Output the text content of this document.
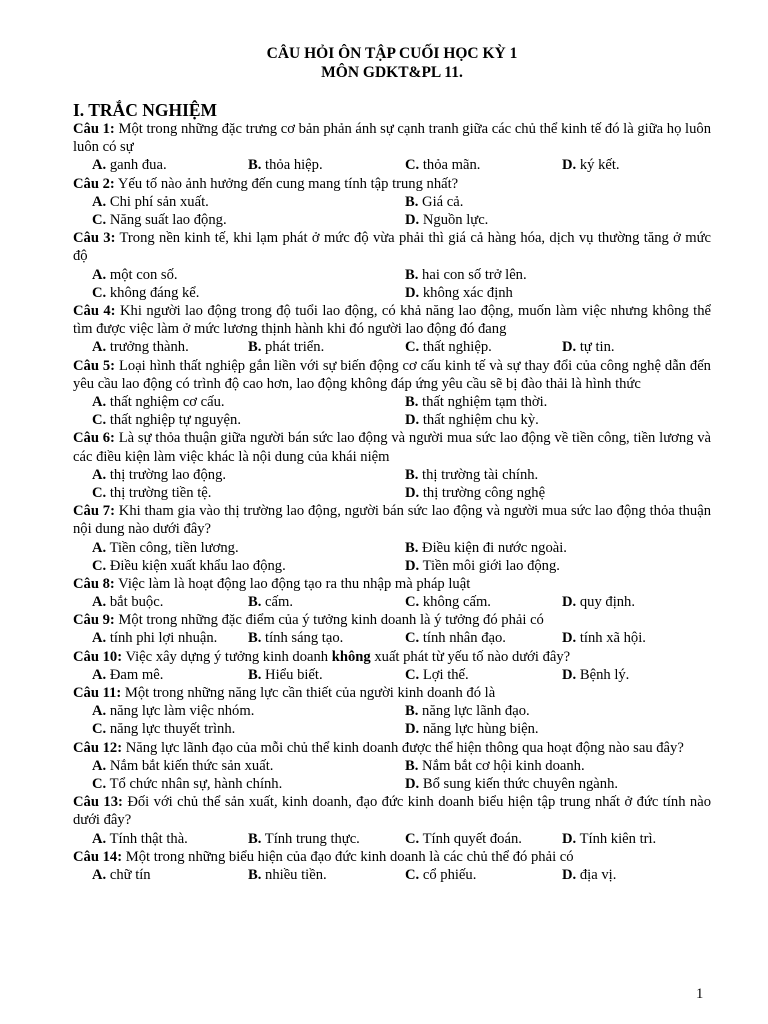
CÂU HỎI ÔN TẬP CUỐI HỌC KỲ 1
MÔN GDKT&PL 11.
I. TRẮC NGHIỆM
Câu 1: Một trong những đặc trưng cơ bản phản ánh sự cạnh tranh giữa các chủ thể kinh tế đó là giữa họ luôn luôn có sự
A. ganh đua.	B. thỏa hiệp.	C. thỏa mãn.	D. ký kết.
Câu 2: Yếu tố nào ảnh hưởng đến cung mang tính tập trung nhất?
A. Chi phí sản xuất.	B. Giá cả.
C. Năng suất lao động.	D. Nguồn lực.
Câu 3: Trong nền kinh tế, khi lạm phát ở mức độ vừa phải thì giá cả hàng hóa, dịch vụ thường tăng ở mức độ
A. một con số.	B. hai con số trở lên.
C. không đáng kể.	D. không xác định
Câu 4: Khi người lao động trong độ tuổi lao động, có khả năng lao động, muốn làm việc nhưng không thể tìm được việc làm ở mức lương thịnh hành khi đó người lao động đó đang
A. trưởng thành.	B. phát triển.	C. thất nghiệp.	D. tự tin.
Câu 5: Loại hình thất nghiệp gắn liền với sự biến động cơ cấu kinh tế và sự thay đổi của công nghệ dẫn đến yêu cầu lao động có trình độ cao hơn, lao động không đáp ứng yêu cầu sẽ bị đào thải là hình thức
A. thất nghiệm cơ cấu.	B. thất nghiệm tạm thời.
C. thất nghiệp tự nguyện.	D. thất nghiệm chu kỳ.
Câu 6: Là sự thỏa thuận giữa người bán sức lao động và người mua sức lao động về tiền công, tiền lương và các điều kiện làm việc khác là nội dung của khái niệm
A. thị trường lao động.	B. thị trường tài chính.
C. thị trường tiền tệ.	D. thị trường công nghệ
Câu 7: Khi tham gia vào thị trường lao động, người bán sức lao động và người mua sức lao động thỏa thuận nội dung nào dưới đây?
A. Tiền công, tiền lương.	B. Điều kiện đi nước ngoài.
C. Điều kiện xuất khẩu lao động.	D. Tiền môi giới lao động.
Câu 8: Việc làm là hoạt động lao động tạo ra thu nhập mà pháp luật
A. bắt buộc.	B. cấm.	C. không cấm.	D. quy định.
Câu 9: Một trong những đặc điểm của ý tưởng kinh doanh là ý tưởng đó phải có
A. tính phi lợi nhuận. B. tính sáng tạo.	C. tính nhân đạo.	D. tính xã hội.
Câu 10: Việc xây dựng ý tưởng kinh doanh không xuất phát từ yếu tố nào dưới đây?
A. Đam mê.	B. Hiểu biết.	C. Lợi thế.	D. Bệnh lý.
Câu 11: Một trong những năng lực cần thiết của người kinh doanh đó là
A. năng lực làm việc nhóm.	B. năng lực lãnh đạo.
C. năng lực thuyết trình.	D. năng lực hùng biện.
Câu 12: Năng lực lãnh đạo của mỗi chủ thể kinh doanh được thể hiện thông qua hoạt động nào sau đây?
A. Nắm bắt kiến thức sản xuất.	B. Nắm bắt cơ hội kinh doanh.
C. Tổ chức nhân sự, hành chính.	D. Bổ sung kiến thức chuyên ngành.
Câu 13: Đối với chủ thể sản xuất, kinh doanh, đạo đức kinh doanh biểu hiện tập trung nhất ở đức tính nào dưới đây?
A. Tính thật thà.	B. Tính trung thực.	C. Tính quyết đoán.	D. Tính kiên trì.
Câu 14: Một trong những biểu hiện của đạo đức kinh doanh là các chủ thể đó phải có
A. chữ tín	B. nhiều tiền.	C. cổ phiếu.	D. địa vị.
1
